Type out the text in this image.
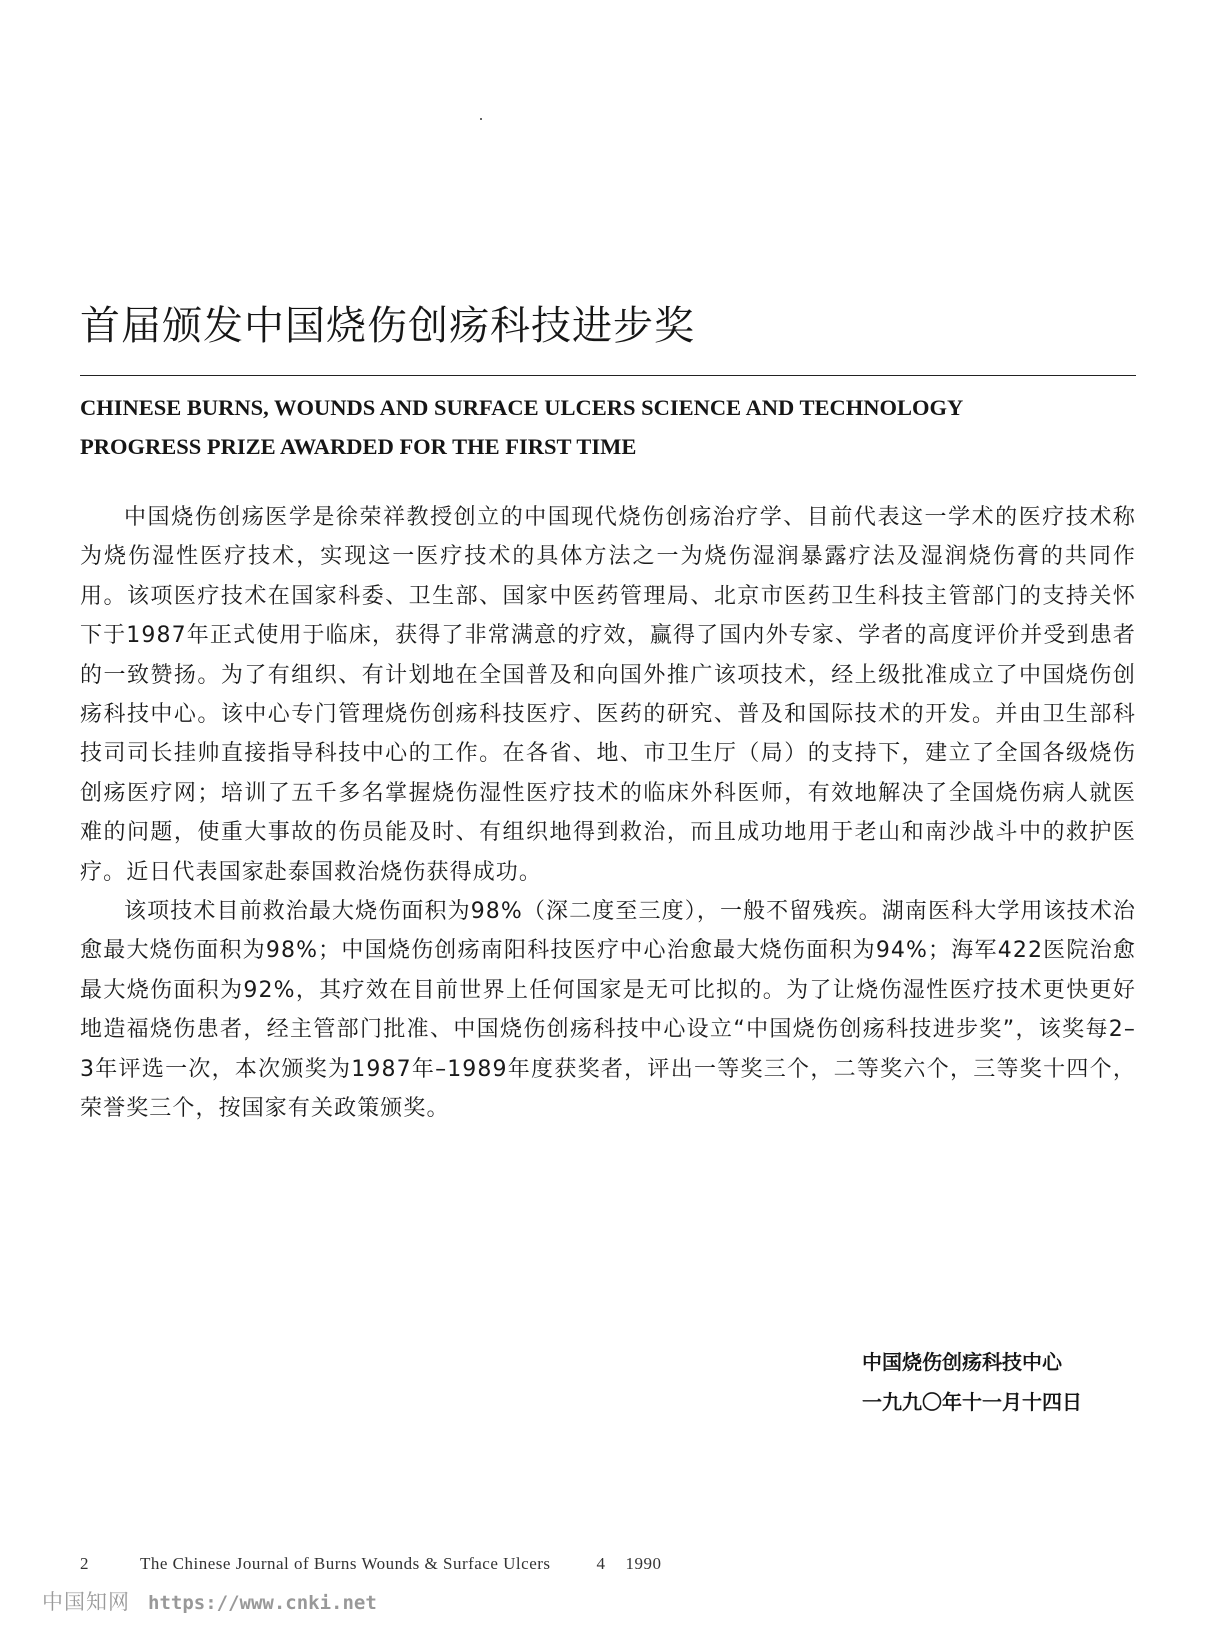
首届颁发中国烧伤创疡科技进步奖
CHINESE BURNS, WOUNDS AND SURFACE ULCERS SCIENCE AND TECHNOLOGY
PROGRESS PRIZE AWARDED FOR THE FIRST TIME

中国烧伤创疡医学是徐荣祥教授创立的中国现代烧伤创疡治疗学、目前代表这一学术的医疗技术称为烧伤湿性医疗技术，实现这一医疗技术的具体方法之一为烧伤湿润暴露疗法及湿润烧伤膏的共同作用。该项医疗技术在国家科委、卫生部、国家中医药管理局、北京市医药卫生科技主管部门的支持关怀下于1987年正式使用于临床，获得了非常满意的疗效，赢得了国内外专家、学者的高度评价并受到患者的一致赞扬。为了有组织、有计划地在全国普及和向国外推广该项技术，经上级批准成立了中国烧伤创疡科技中心。该中心专门管理烧伤创疡科技医疗、医药的研究、普及和国际技术的开发。并由卫生部科技司司长挂帅直接指导科技中心的工作。在各省、地、市卫生厅（局）的支持下，建立了全国各级烧伤创疡医疗网；培训了五千多名掌握烧伤湿性医疗技术的临床外科医师，有效地解决了全国烧伤病人就医难的问题，使重大事故的伤员能及时、有组织地得到救治，而且成功地用于老山和南沙战斗中的救护医疗。近日代表国家赴泰国救治烧伤获得成功。

该项技术目前救治最大烧伤面积为98%（深二度至三度），一般不留残疾。湖南医科大学用该技术治愈最大烧伤面积为98%；中国烧伤创疡南阳科技医疗中心治愈最大烧伤面积为94%；海军422医院治愈最大烧伤面积为92%，其疗效在目前世界上任何国家是无可比拟的。为了让烧伤湿性医疗技术更快更好地造福烧伤患者，经主管部门批准、中国烧伤创疡科技中心设立“中国烧伤创疡科技进步奖”，该奖每2–3年评选一次，本次颁奖为1987年–1989年度获奖者，评出一等奖三个，二等奖六个，三等奖十四个，荣誉奖三个，按国家有关政策颁奖。

中国烧伤创疡科技中心
一九九〇年十一月十四日
2	The Chinese Journal of Burns Wounds & Surface Ulcers	4 1990
中国知网 https://www.cnki.net
